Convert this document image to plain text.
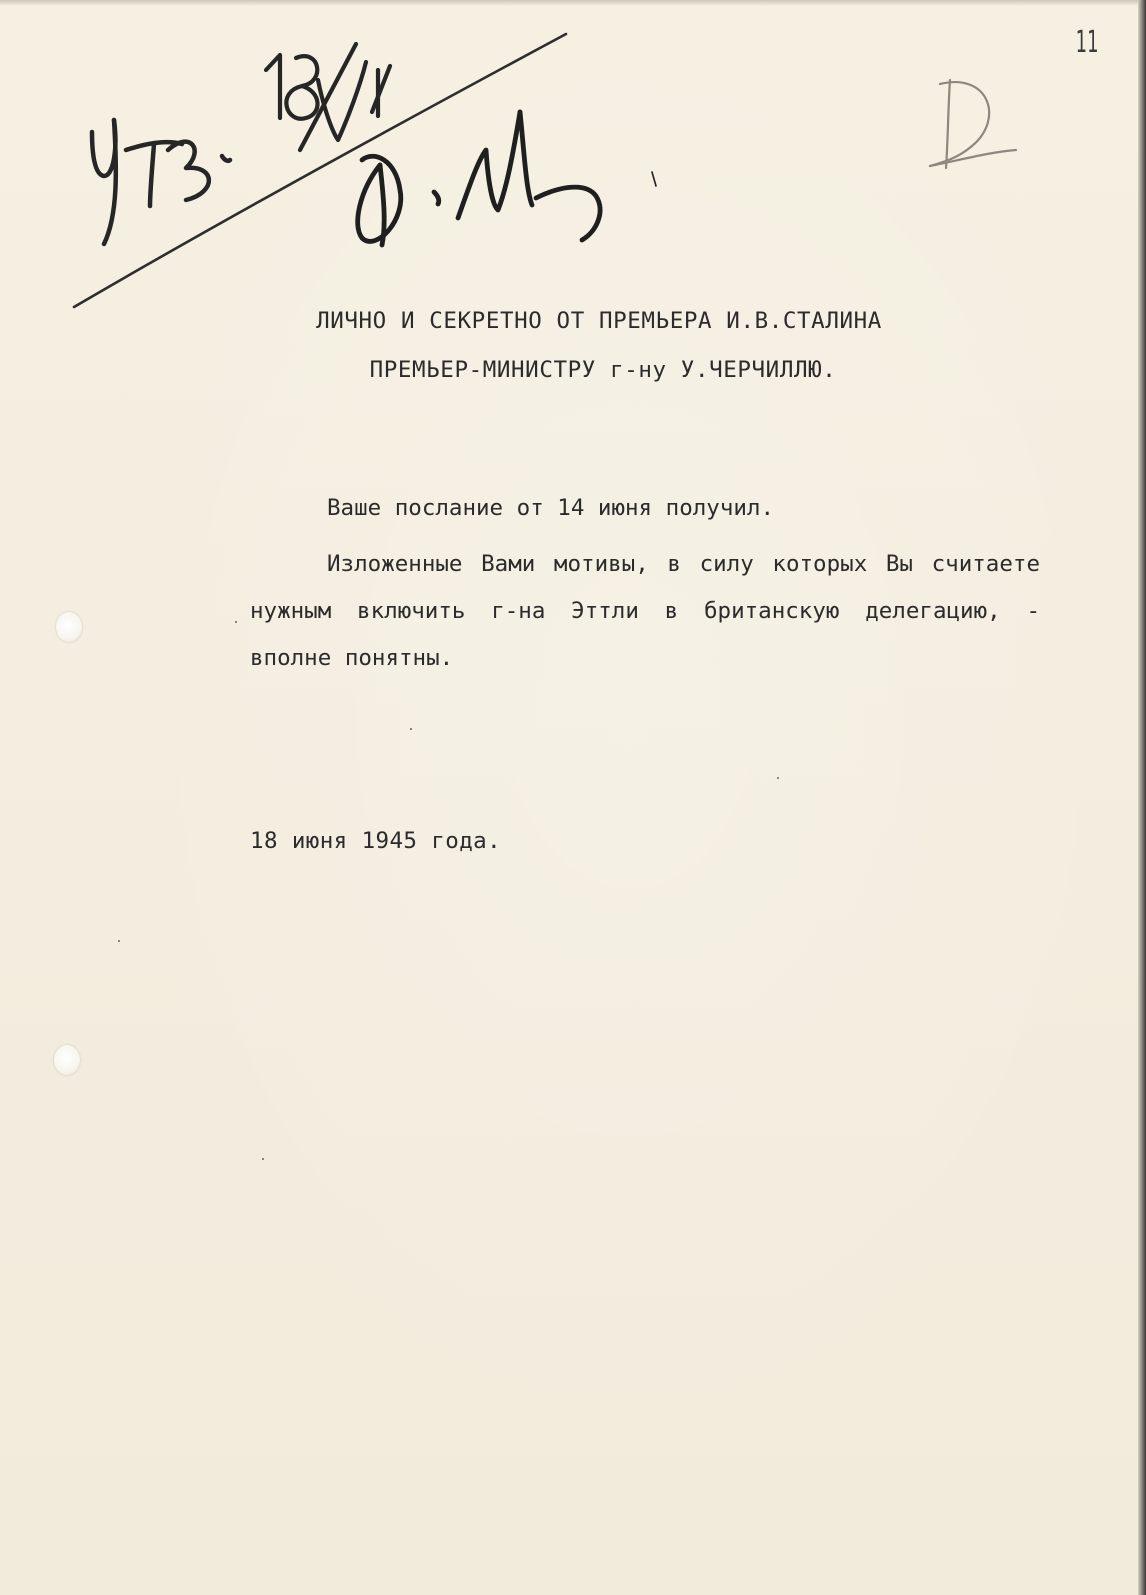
11

ЛИЧНО И СЕКРЕТНО ОТ ПРЕМЬЕРА И.В.СТАЛИНА

ПРЕМЬЕР-МИНИСТРУ г-ну У.ЧЕРЧИЛЛЮ.

Ваше послание от 14 июня получил.

Изложенные Вами мотивы, в силу которых Вы считаете нужным включить г-на Эттли в британскую делегацию, - вполне понятны.

18 июня 1945 года.
